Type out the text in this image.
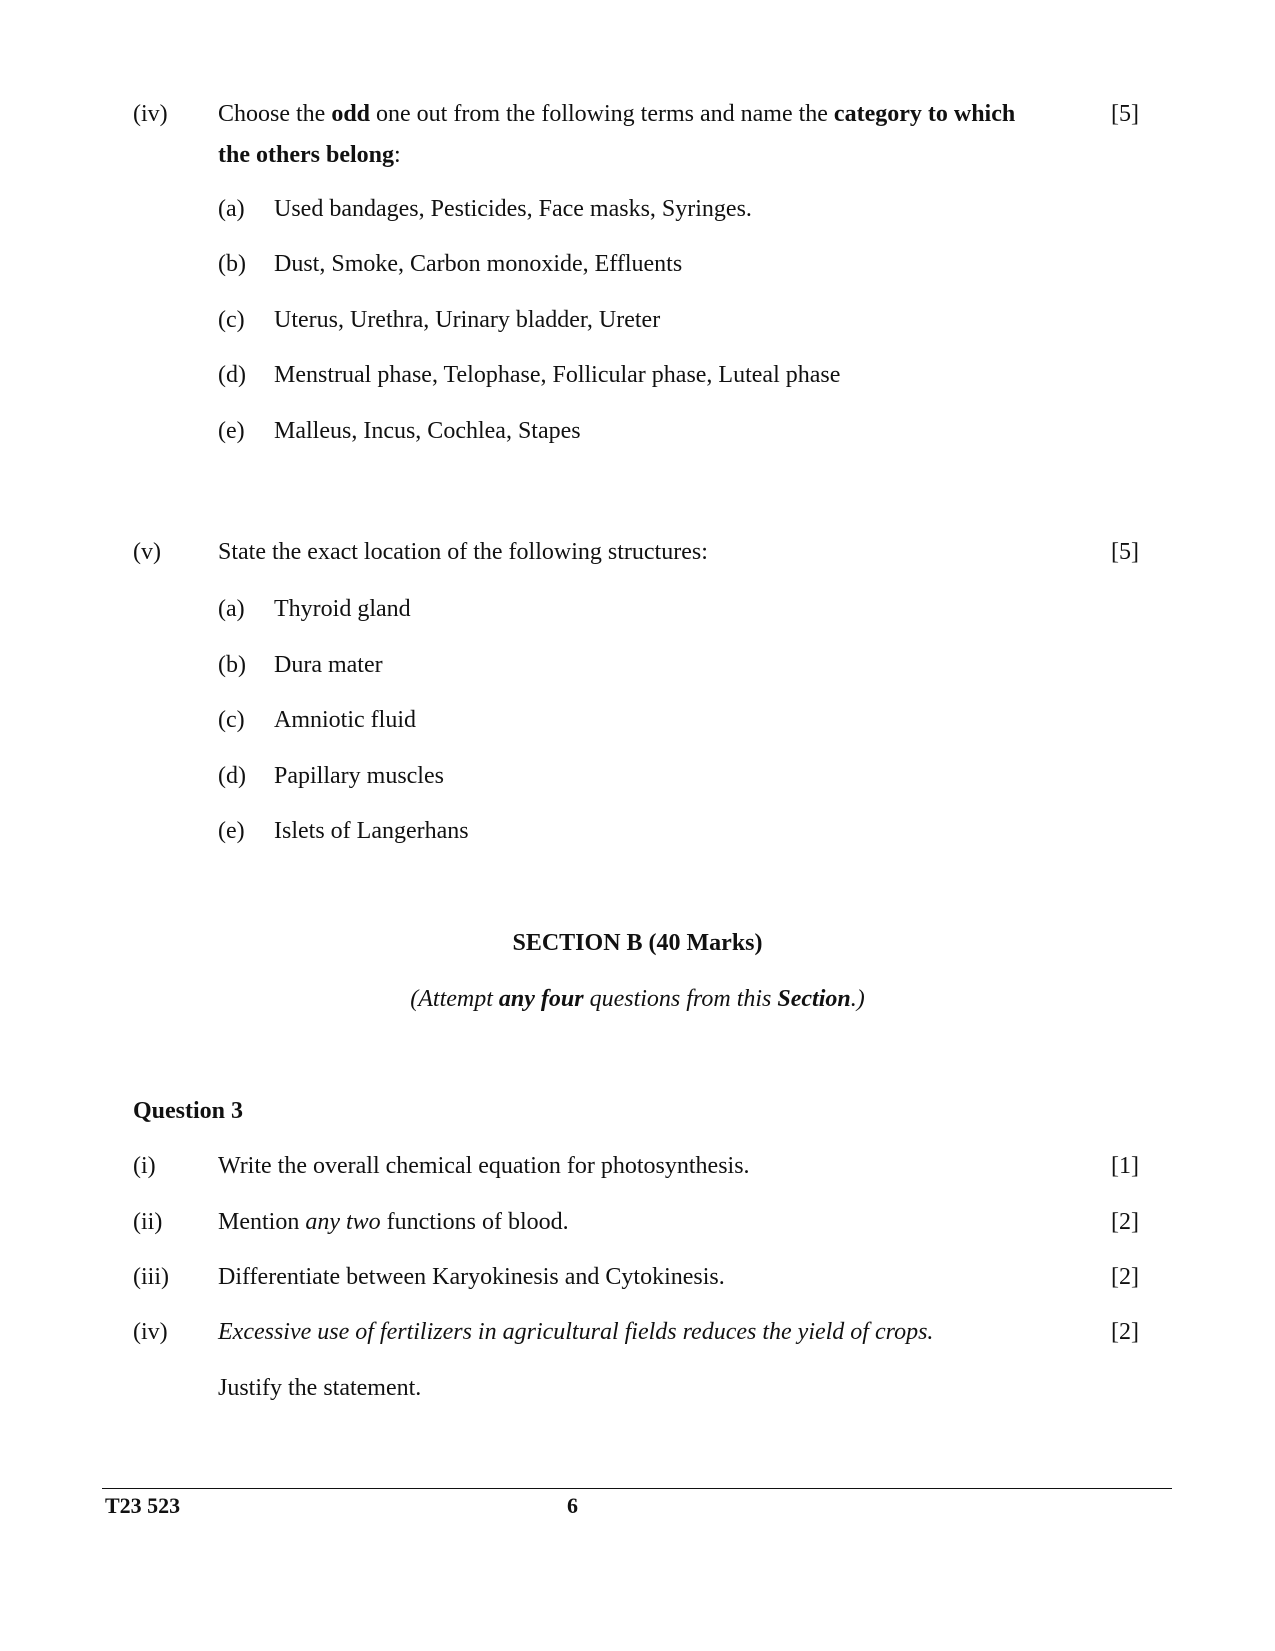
(iv) Choose the odd one out from the following terms and name the category to which	[5]
the others belong:
(a) Used bandages, Pesticides, Face masks, Syringes.
(b) Dust, Smoke, Carbon monoxide, Effluents
(c) Uterus, Urethra, Urinary bladder, Ureter
(d) Menstrual phase, Telophase, Follicular phase, Luteal phase
(e) Malleus, Incus, Cochlea, Stapes
(v) State the exact location of the following structures:	[5]
(a) Thyroid gland
(b) Dura mater
(c) Amniotic fluid
(d) Papillary muscles
(e) Islets of Langerhans
SECTION B (40 Marks)
(Attempt any four questions from this Section.)
Question 3
(i)	Write the overall chemical equation for photosynthesis.	[1]
(ii) Mention any two functions of blood.	[2]
(iii) Differentiate between Karyokinesis and Cytokinesis.	[2]
(iv) Excessive use of fertilizers in agricultural fields reduces the yield of crops.	[2]
Justify the statement.
T23 523	6
